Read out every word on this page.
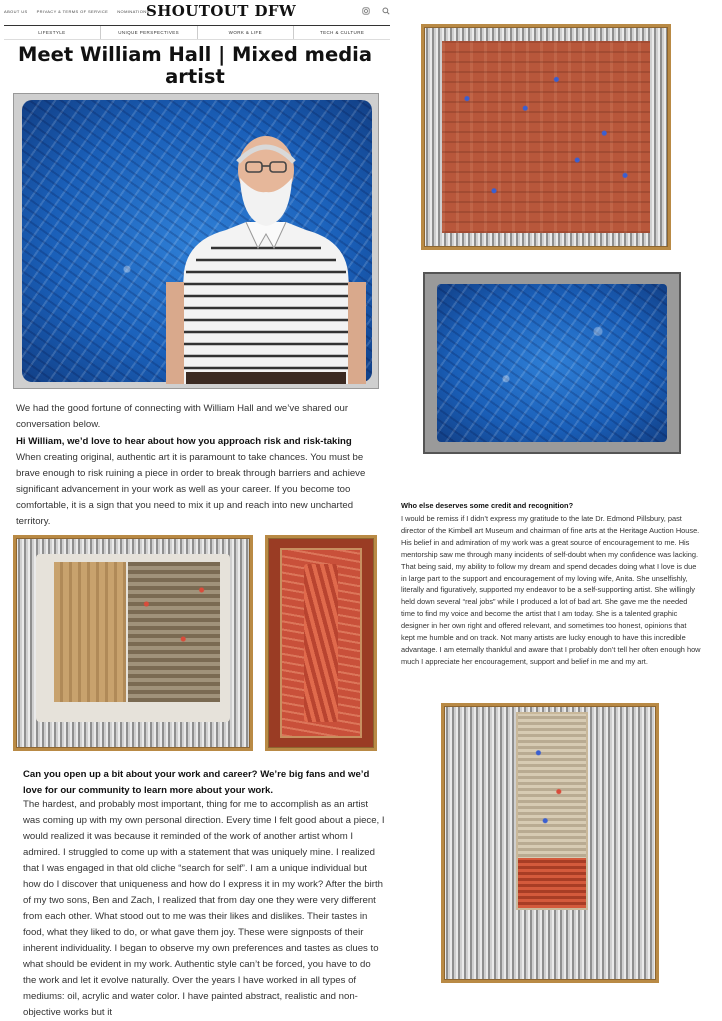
ABOUT US PRIVACY & TERMS OF SERVICE NOMINATIONS
SHOUTOUT DFW
LIFESTYLE	UNIQUE PERSPECTIVES	WORK & LIFE	TECH & CULTURE
Meet William Hall | Mixed media artist

We had the good fortune of connecting with William Hall and we’ve shared our conversation below.

Hi William, we’d love to hear about how you approach risk and risk-taking

When creating original, authentic art it is paramount to take chances. You must be brave enough to risk ruining a piece in order to break through barriers and achieve significant advancement in your work as well as your career. If you become too comfortable, it is a sign that you need to mix it up and reach into new uncharted territory.

Can you open up a bit about your work and career? We’re big fans and we’d love for our community to learn more about your work.

The hardest, and probably most important, thing for me to accomplish as an artist was coming up with my own personal direction. Every time I felt good about a piece, I would realized it was because it reminded of the work of another artist whom I admired. I struggled to come up with a statement that was uniquely mine. I realized that I was engaged in that old cliche “search for self”. I am a unique individual but how do I discover that uniqueness and how do I express it in my work? After the birth of my two sons, Ben and Zach, I realized that from day one they were very different from each other. What stood out to me was their likes and dislikes. Their tastes in food, what they liked to do, or what gave them joy. These were signposts of their inherent individuality. I began to observe my own preferences and tastes as clues to what should be evident in my work. Authentic style can’t be forced, you have to do the work and let it evolve naturally. Over the years I have worked in all types of mediums: oil, acrylic and water color. I have painted abstract, realistic and non-objective works but it

Who else deserves some credit and recognition?

I would be remiss if I didn’t express my gratitude to the late Dr. Edmond Pillsbury, past director of the Kimbell art Museum and chairman of fine arts at the Heritage Auction House. His belief in and admiration of my work was a great source of encouragement to me. His mentorship saw me through many incidents of self-doubt when my confidence was lacking. That being said, my ability to follow my dream and spend decades doing what I love is due in large part to the support and encouragement of my loving wife, Anita. She unselfishly, literally and figuratively, supported my endeavor to be a self-supporting artist. She willingly held down several “real jobs” while I produced a lot of bad art. She gave me the needed time to find my voice and become the artist that I am today. She is a talented graphic designer in her own right and offered relevant, and sometimes too honest, opinions that kept me humble and on track. Not many artists are lucky enough to have this incredible advantage. I am eternally thankful and aware that I probably don’t tell her often enough how much I appreciate her encouragement, support and belief in me and my art.
